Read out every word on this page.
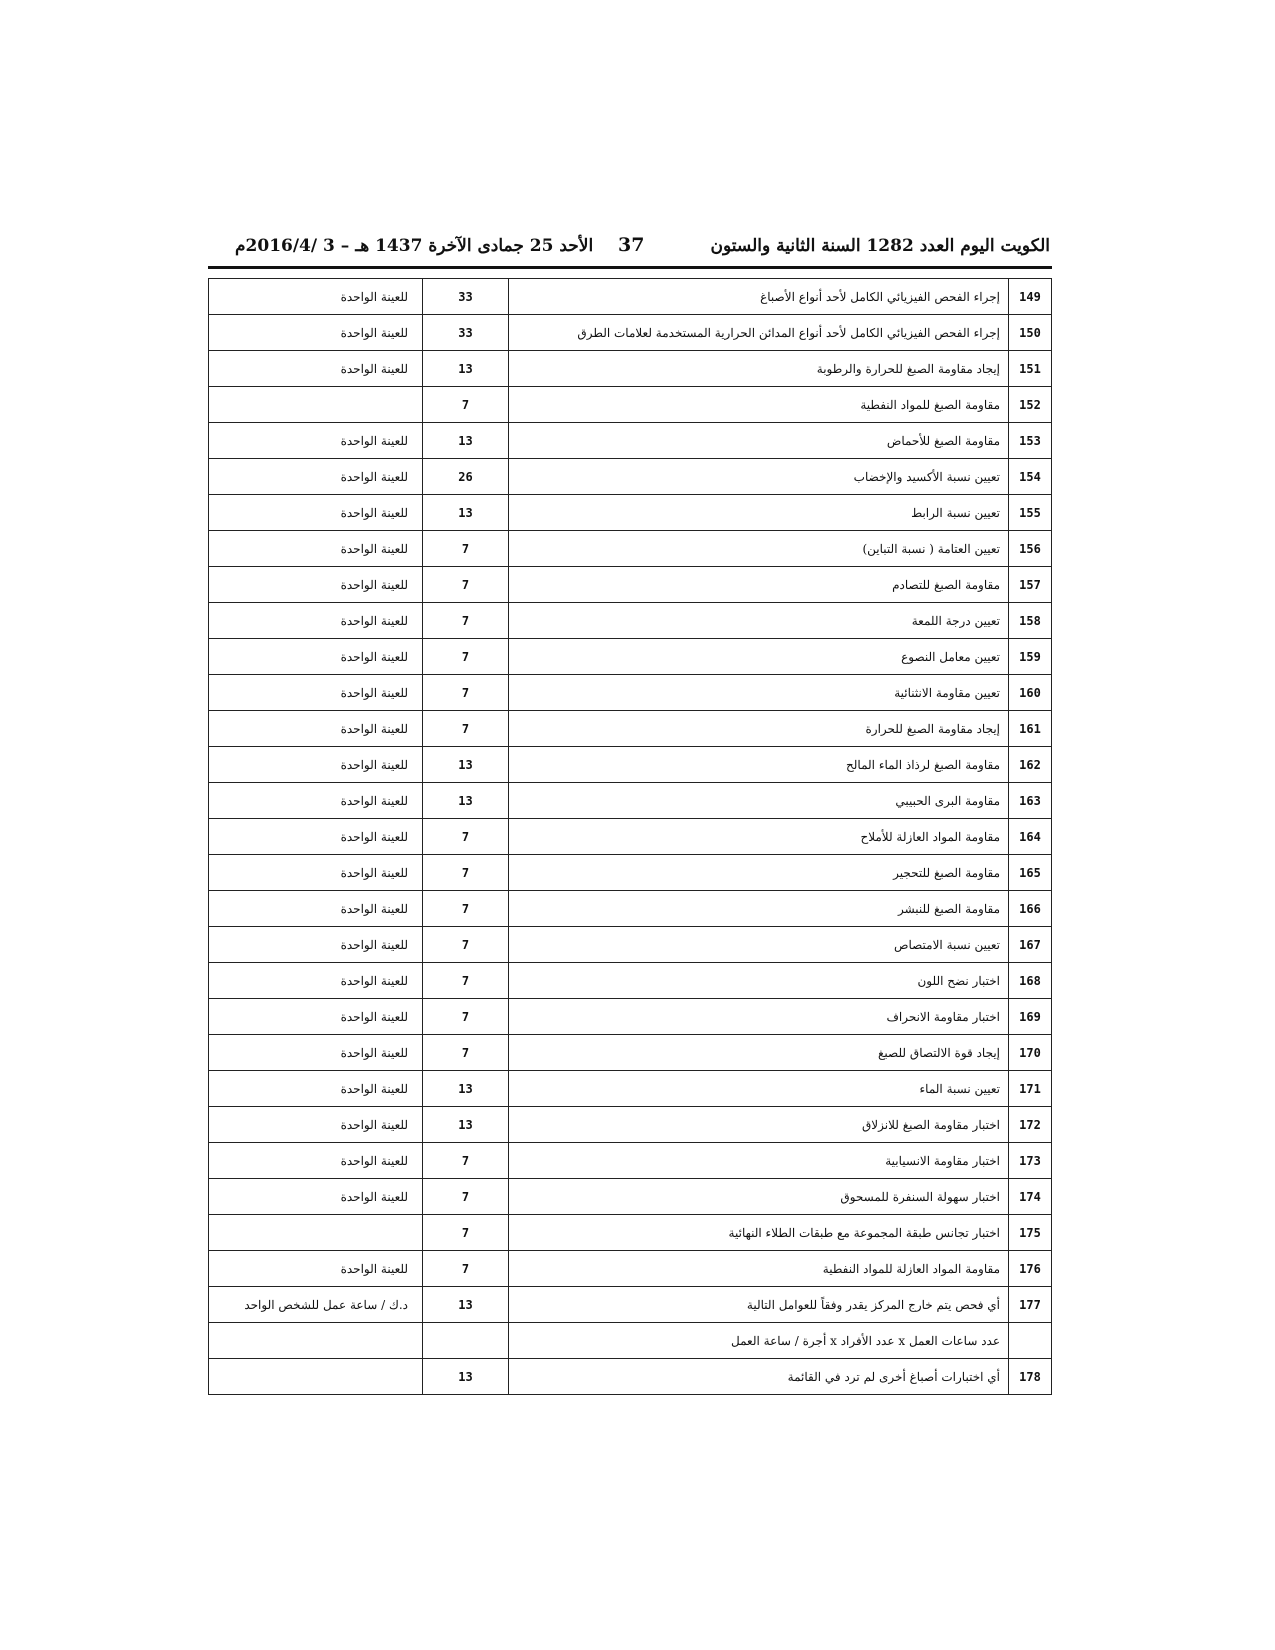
الكويت اليوم العدد 1282 السنة الثانية والستون
37
الأحد 25 جمادى الآخرة 1437 هـ – 3 /2016/4م
للعينة الواحدة	33	إجراء الفحص الفيزيائي الكامل لأحد أنواع الأصباغ	149
للعينة الواحدة	33	إجراء الفحص الفيزيائي الكامل لأحد أنواع المدائن الحرارية المستخدمة لعلامات الطرق	150
للعينة الواحدة	13	إيجاد مقاومة الصبغ للحرارة والرطوبة	151
	7	مقاومة الصبغ للمواد النفطية	152
للعينة الواحدة	13	مقاومة الصبغ للأحماض	153
للعينة الواحدة	26	تعيين نسبة الأكسيد والإخضاب	154
للعينة الواحدة	13	تعيين نسبة الرابط	155
للعينة الواحدة	7	تعيين العتامة ( نسبة التباين)	156
للعينة الواحدة	7	مقاومة الصبغ للتصادم	157
للعينة الواحدة	7	تعيين درجة اللمعة	158
للعينة الواحدة	7	تعيين معامل النصوع	159
للعينة الواحدة	7	تعيين مقاومة الانثنائية	160
للعينة الواحدة	7	إيجاد مقاومة الصبغ للحرارة	161
للعينة الواحدة	13	مقاومة الصبغ لرذاذ الماء المالح	162
للعينة الواحدة	13	مقاومة البرى الحبيبي	163
للعينة الواحدة	7	مقاومة المواد العازلة للأملاح	164
للعينة الواحدة	7	مقاومة الصبغ للتحجير	165
للعينة الواحدة	7	مقاومة الصبغ للنبشر	166
للعينة الواحدة	7	تعيين نسبة الامتصاص	167
للعينة الواحدة	7	اختبار نضح اللون	168
للعينة الواحدة	7	اختبار مقاومة الانحراف	169
للعينة الواحدة	7	إيجاد قوة الالتصاق للصبغ	170
للعينة الواحدة	13	تعيين نسبة الماء	171
للعينة الواحدة	13	اختبار مقاومة الصبغ للانزلاق	172
للعينة الواحدة	7	اختبار مقاومة الانسيابية	173
للعينة الواحدة	7	اختبار سهولة السنفرة للمسحوق	174
	7	اختبار تجانس طبقة المجموعة مع طبقات الطلاء النهائية	175
للعينة الواحدة	7	مقاومة المواد العازلة للمواد النفطية	176
د.ك / ساعة عمل للشخص الواحد	13	أي فحص يتم خارج المركز يقدر وفقاً للعوامل التالية	177
		عدد ساعات العمل x عدد الأفراد x أجرة / ساعة العمل	
	13	أي اختبارات أصباغ أخرى لم ترد في القائمة	178
